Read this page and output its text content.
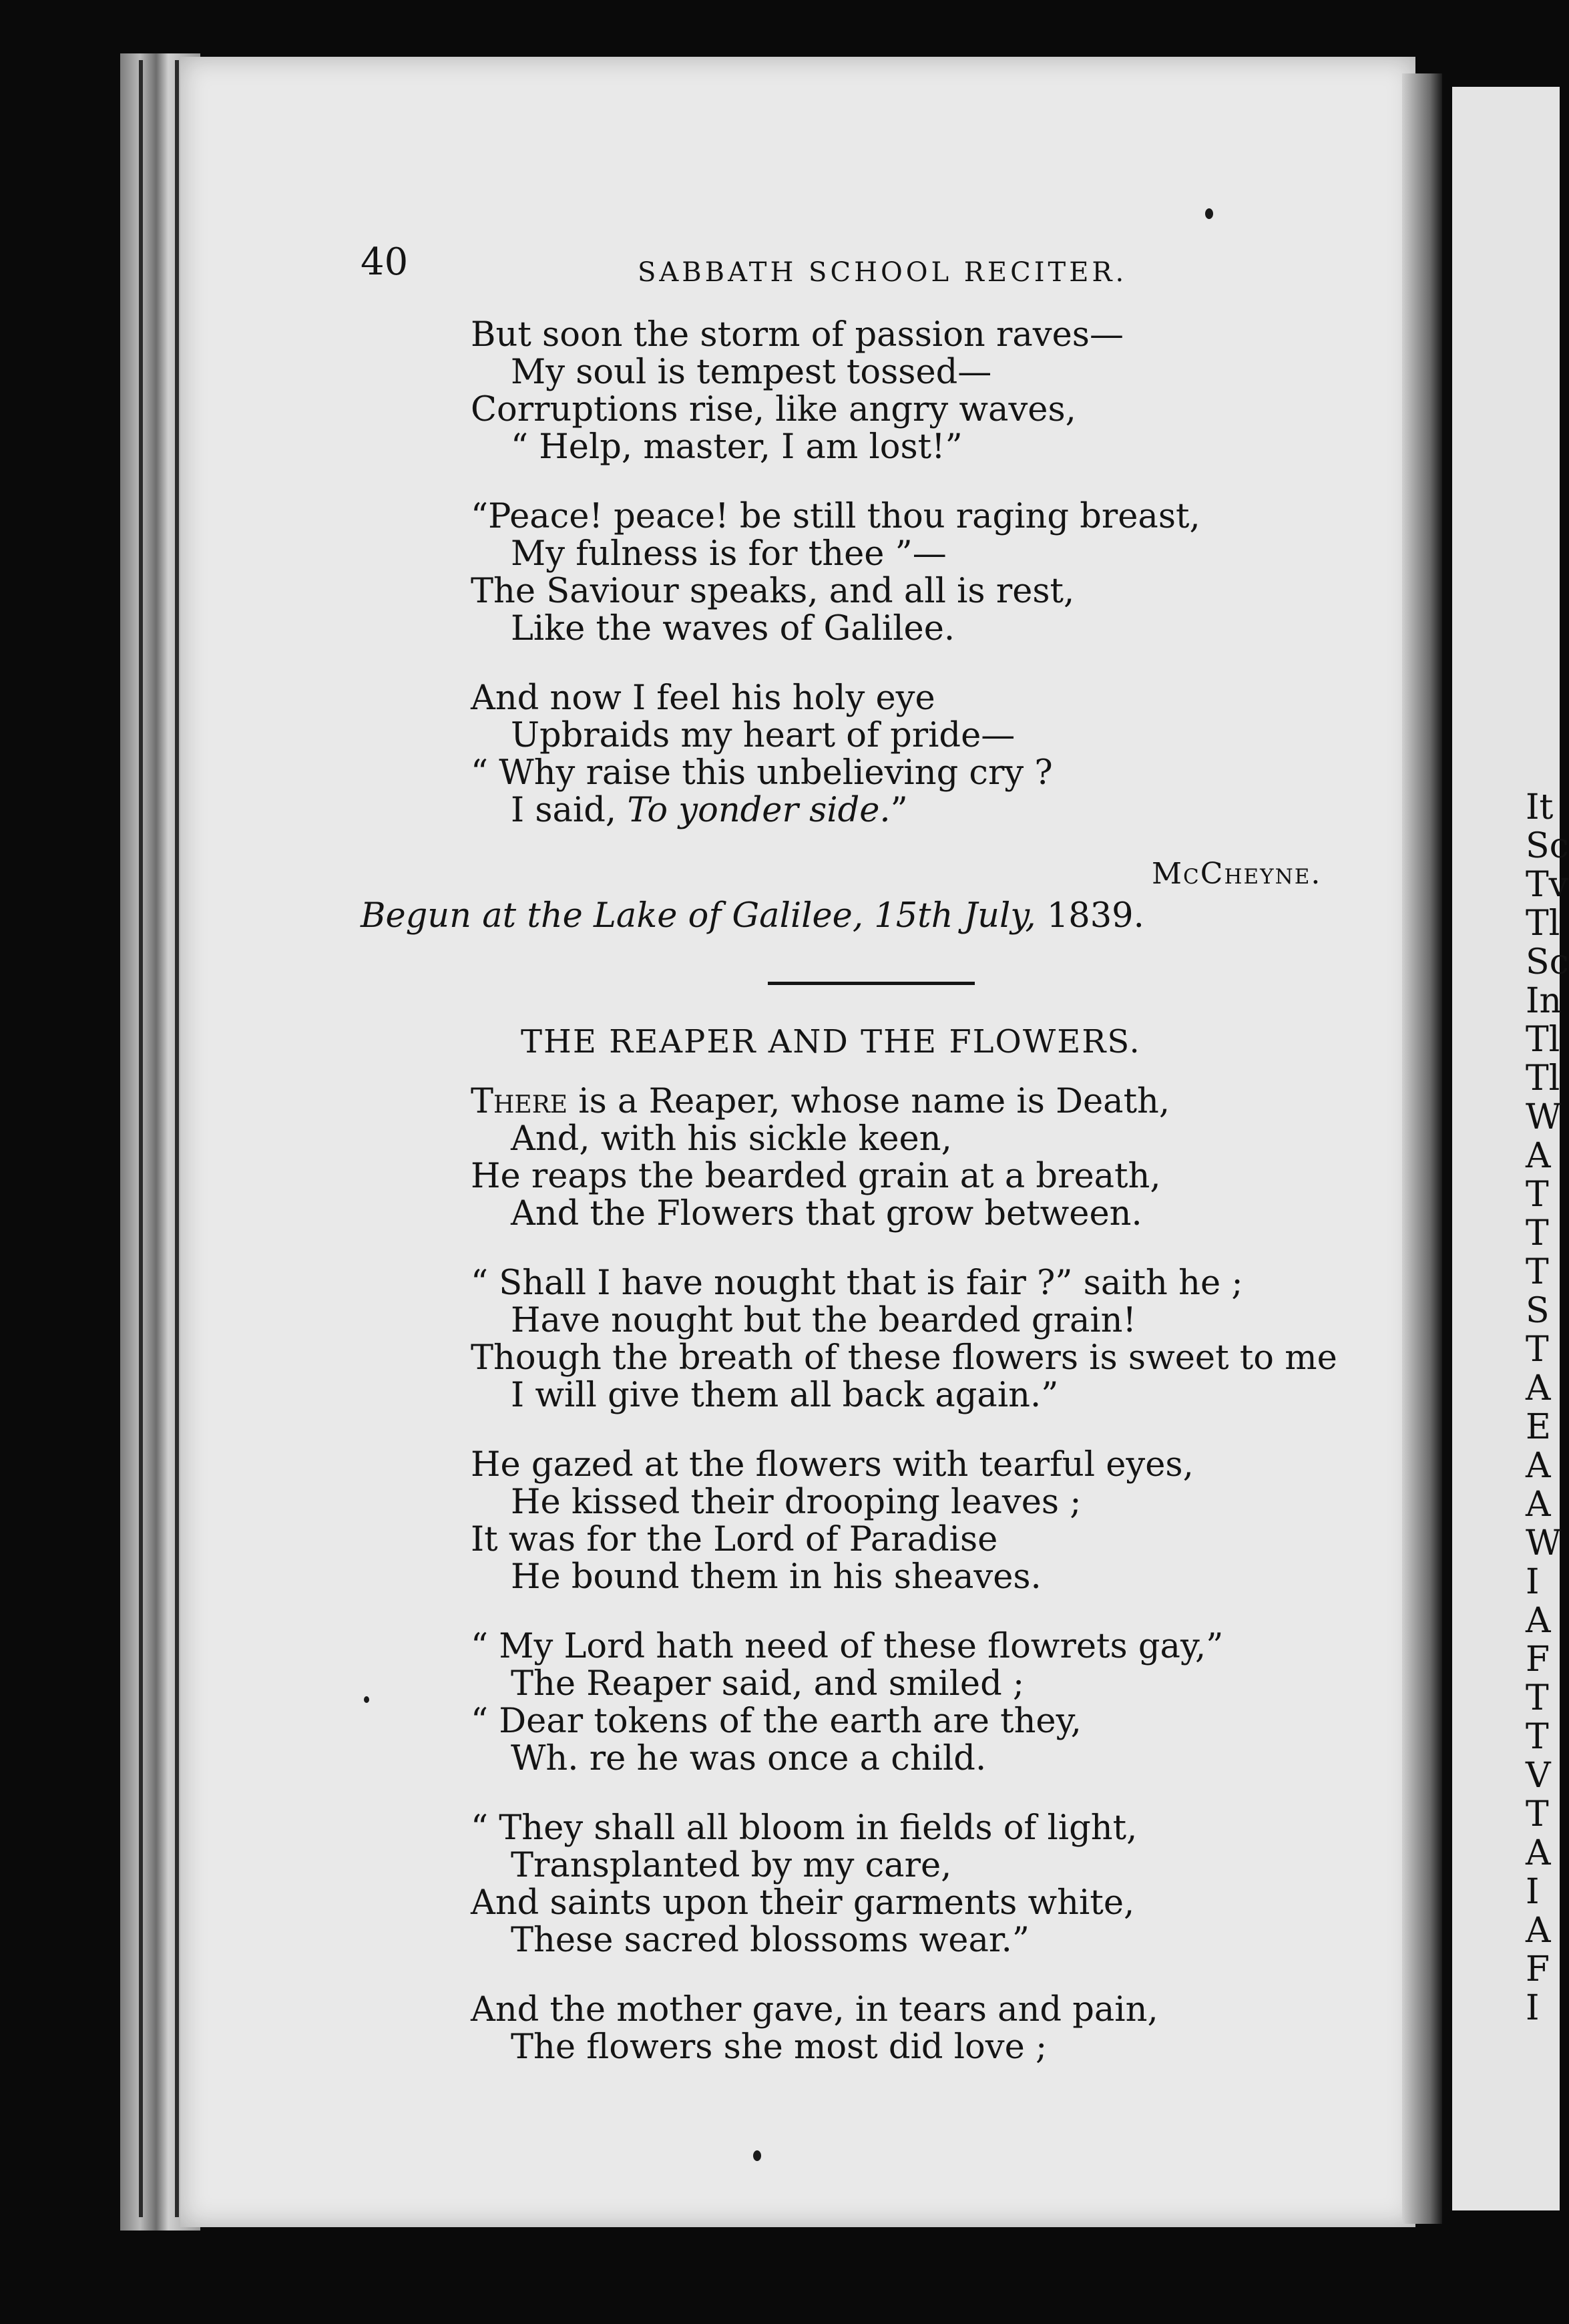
It
Sc
Tv
Tl
Sc
In
Tl
Tl
W
A
T
T
T
S
T
A
E
A
A
W
I
A
F
T
T
V
T
A
I
A
F
I
40	SABBATH SCHOOL RECITER.
But soon the storm of passion raves—
My soul is tempest tossed—
Corruptions rise, like angry waves,
“ Help, master, I am lost!”
“Peace! peace! be still thou raging breast,
My fulness is for thee ”—
The Saviour speaks, and all is rest,
Like the waves of Galilee.
And now I feel his holy eye
Upbraids my heart of pride—
“ Why raise this unbelieving cry ?
I said, To yonder side.”
McCheyne.
Begun at the Lake of Galilee, 15th July, 1839.
THE REAPER AND THE FLOWERS.
There is a Reaper, whose name is Death,
And, with his sickle keen,
He reaps the bearded grain at a breath,
And the Flowers that grow between.
“ Shall I have nought that is fair ?” saith he ;
Have nought but the bearded grain!
Though the breath of these flowers is sweet to me
I will give them all back again.”
He gazed at the flowers with tearful eyes,
He kissed their drooping leaves ;
It was for the Lord of Paradise
He bound them in his sheaves.
“ My Lord hath need of these flowrets gay,”
The Reaper said, and smiled ;
“ Dear tokens of the earth are they,
Wh. re he was once a child.
“ They shall all bloom in fields of light,
Transplanted by my care,
And saints upon their garments white,
These sacred blossoms wear.”
And the mother gave, in tears and pain,
The flowers she most did love ;
